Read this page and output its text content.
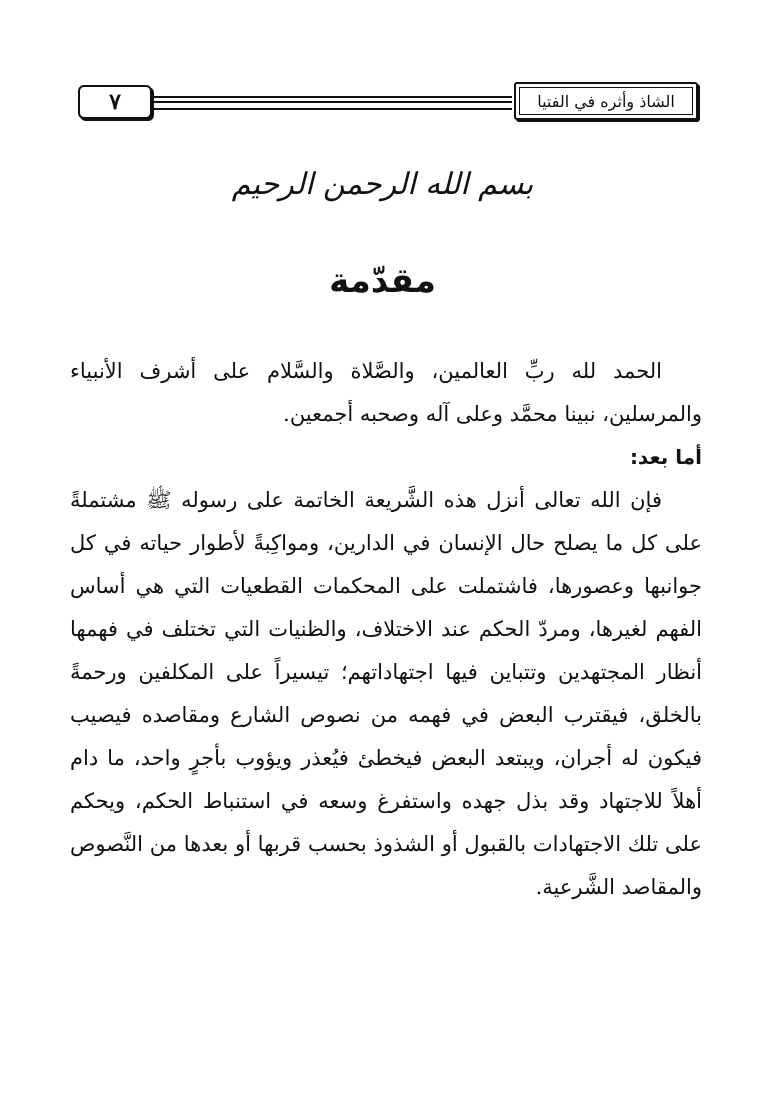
٧	الشاذ وأثره في الفتيا
بسم الله الرحمن الرحيم
مقدّمة

الحمد لله ربِّ العالمين، والصَّلاة والسَّلام على أشرف الأنبياء والمرسلين، نبينا محمَّد وعلى آله وصحبه أجمعين.

أما بعد:

فإن الله تعالى أنزل هذه الشَّريعة الخاتمة على رسوله ﷺ مشتملةً على كل ما يصلح حال الإنسان في الدارين، ومواكِبةً لأطوار حياته في كل جوانبها وعصورها، فاشتملت على المحكمات القطعيات التي هي أساس الفهم لغيرها، ومردّ الحكم عند الاختلاف، والظنيات التي تختلف في فهمها أنظار المجتهدين وتتباين فيها اجتهاداتهم؛ تيسيراً على المكلفين ورحمةً بالخلق، فيقترب البعض في فهمه من نصوص الشارع ومقاصده فيصيب فيكون له أجران، ويبتعد البعض فيخطئ فيُعذر ويؤوب بأجرٍ واحد، ما دام أهلاً للاجتهاد وقد بذل جهده واستفرغ وسعه في استنباط الحكم، ويحكم على تلك الاجتهادات بالقبول أو الشذوذ بحسب قربها أو بعدها من النَّصوص والمقاصد الشَّرعية.
